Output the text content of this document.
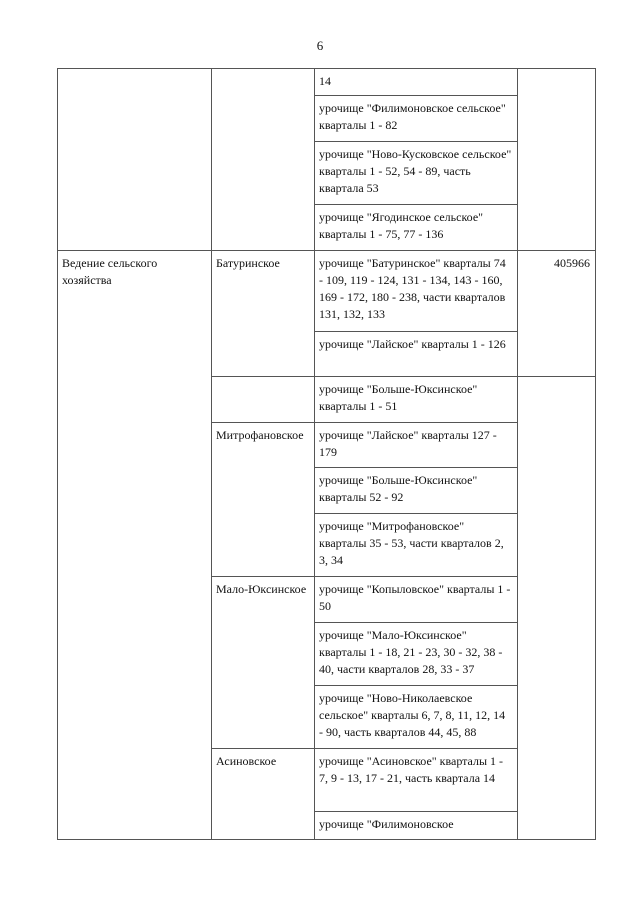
6
		14	
		урочище "Филимоновское сельское" кварталы 1 - 82	
		урочище "Ново-Кусковское сельское" кварталы 1 - 52, 54 - 89, часть квартала 53	
		урочище "Ягодинское сельское" кварталы 1 - 75, 77 - 136	
Ведение сельского хозяйства	Батуринское	урочище "Батуринское" кварталы 74 - 109, 119 - 124, 131 - 134, 143 - 160, 169 - 172, 180 - 238, части кварталов 131, 132, 133	405966
		урочище "Лайское" кварталы 1 - 126	
		урочище "Больше-Юксинское" кварталы 1 - 51	
	Митрофановское	урочище "Лайское" кварталы 127 - 179	
		урочище "Больше-Юксинское" кварталы 52 - 92	
		урочище "Митрофановское" кварталы 35 - 53, части кварталов 2, 3, 34	
	Мало-Юксинское	урочище "Копыловское" кварталы 1 - 50	
		урочище "Мало-Юксинское" кварталы 1 - 18, 21 - 23, 30 - 32, 38 - 40, части кварталов 28, 33 - 37	
		урочище "Ново-Николаевское сельское" кварталы 6, 7, 8, 11, 12, 14 - 90, часть кварталов 44, 45, 88	
	Асиновское	урочище "Асиновское" кварталы 1 - 7, 9 - 13, 17 - 21, часть квартала 14	
		урочище "Филимоновское	
